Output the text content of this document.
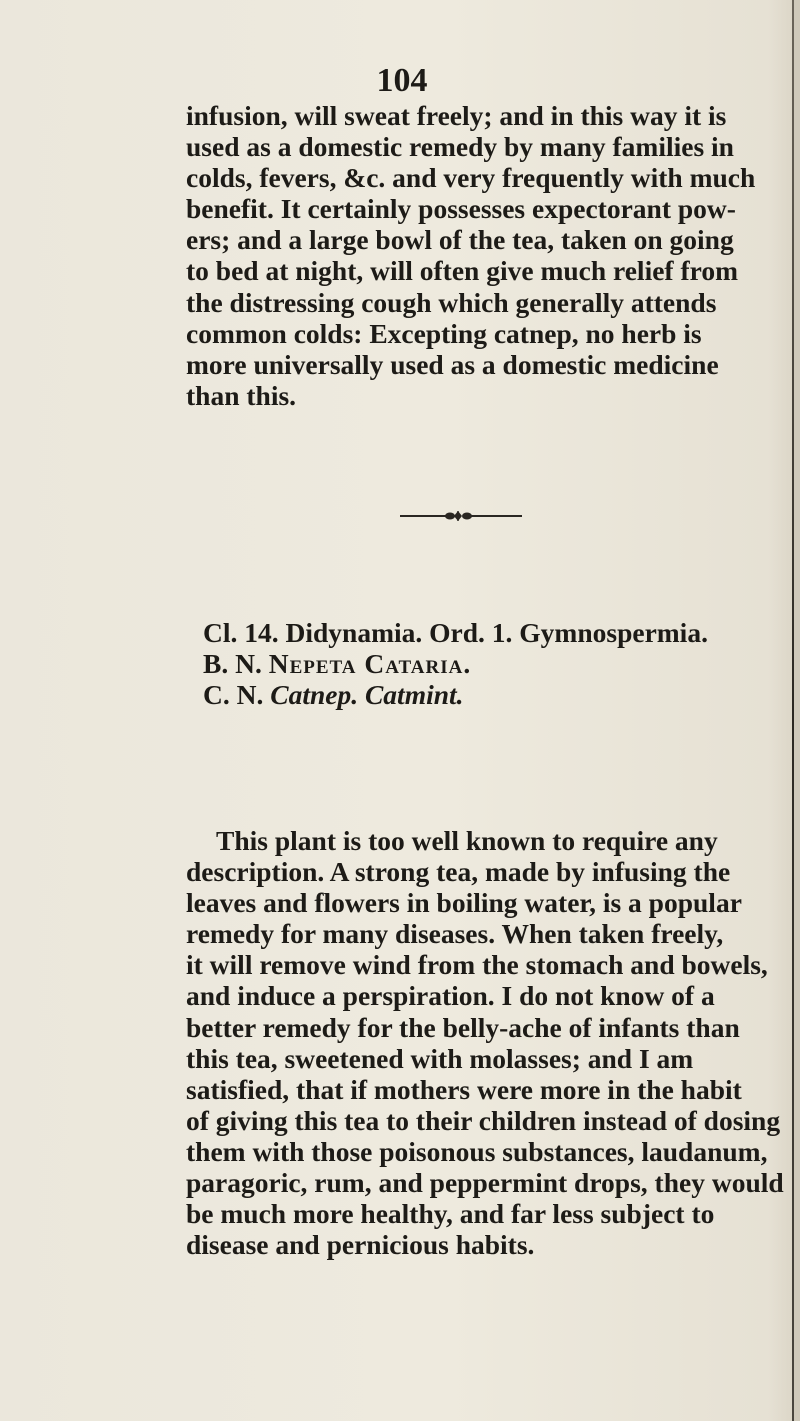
104
infusion, will sweat freely; and in this way it is
used as a domestic remedy by many families in
colds, fevers, &c. and very frequently with much
benefit. It certainly possesses expectorant pow-
ers; and a large bowl of the tea, taken on going
to bed at night, will often give much relief from
the distressing cough which generally attends
common colds: Excepting catnep, no herb is
more universally used as a domestic medicine
than this.
Cl. 14. Didynamia. Ord. 1. Gymnospermia.
B. N. Nepeta Cataria.
C. N. Catnep. Catmint.
This plant is too well known to require any
description. A strong tea, made by infusing the
leaves and flowers in boiling water, is a popular
remedy for many diseases. When taken freely,
it will remove wind from the stomach and bowels,
and induce a perspiration. I do not know of a
better remedy for the belly-ache of infants than
this tea, sweetened with molasses; and I am
satisfied, that if mothers were more in the habit
of giving this tea to their children instead of dosing
them with those poisonous substances, laudanum,
paragoric, rum, and peppermint drops, they would
be much more healthy, and far less subject to
disease and pernicious habits.
